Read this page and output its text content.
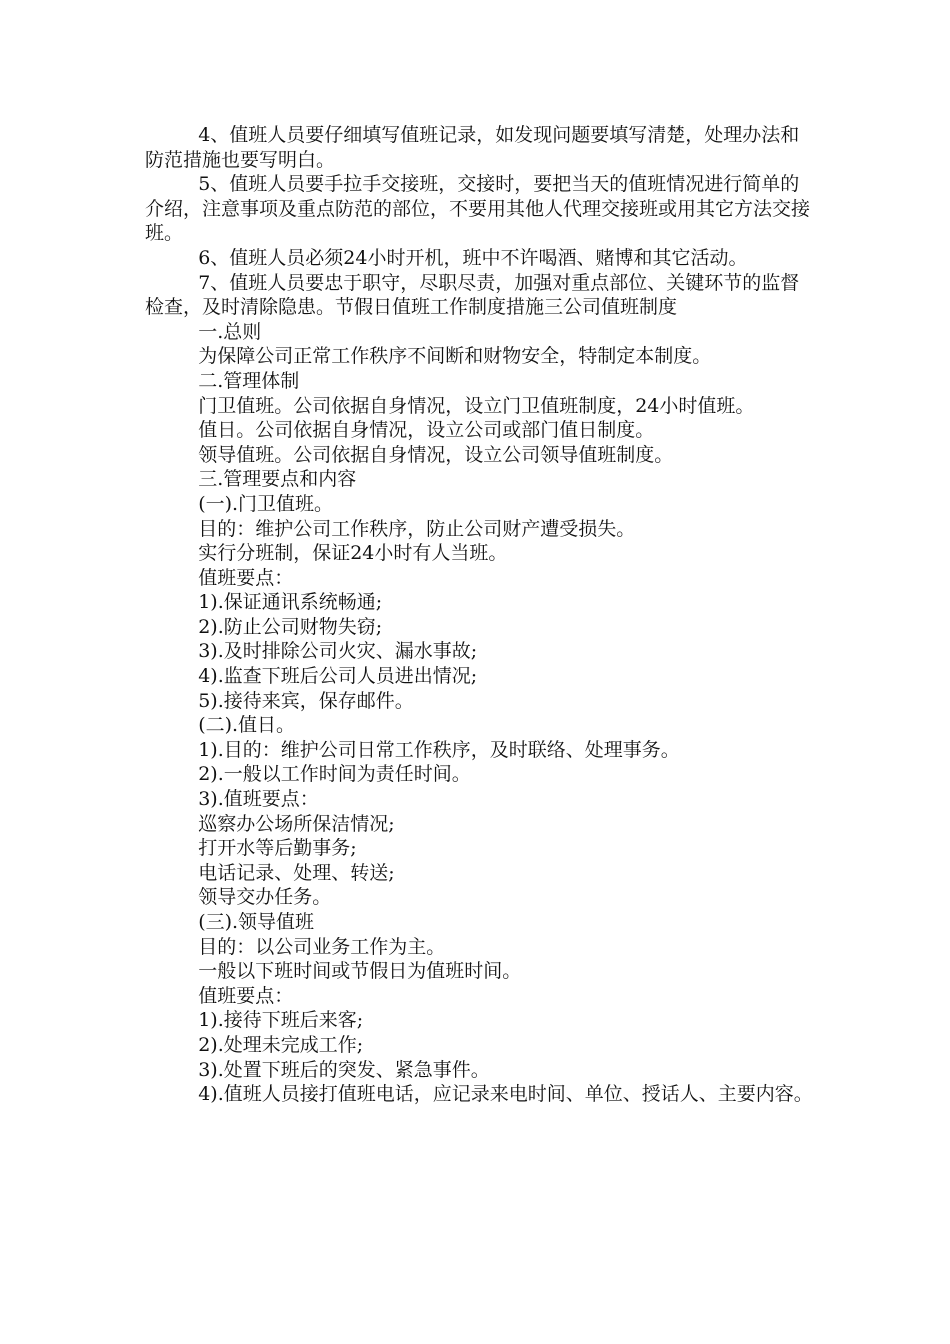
4、值班人员要仔细填写值班记录，如发现问题要填写清楚，处理办法和防范措施也要写明白。

5、值班人员要手拉手交接班，交接时，要把当天的值班情况进行简单的介绍，注意事项及重点防范的部位，不要用其他人代理交接班或用其它方法交接班。

6、值班人员必须24小时开机，班中不许喝酒、赌博和其它活动。

7、值班人员要忠于职守，尽职尽责，加强对重点部位、关键环节的监督检查，及时清除隐患。节假日值班工作制度措施三公司值班制度

一.总则

为保障公司正常工作秩序不间断和财物安全，特制定本制度。

二.管理体制

门卫值班。公司依据自身情况，设立门卫值班制度，24小时值班。

值日。公司依据自身情况，设立公司或部门值日制度。

领导值班。公司依据自身情况，设立公司领导值班制度。

三.管理要点和内容

(一).门卫值班。

目的：维护公司工作秩序，防止公司财产遭受损失。

实行分班制，保证24小时有人当班。

值班要点：

1).保证通讯系统畅通;

2).防止公司财物失窃;

3).及时排除公司火灾、漏水事故;

4).监查下班后公司人员进出情况;

5).接待来宾，保存邮件。

(二).值日。

1).目的：维护公司日常工作秩序，及时联络、处理事务。

2).一般以工作时间为责任时间。

3).值班要点：

巡察办公场所保洁情况;

打开水等后勤事务;

电话记录、处理、转送;

领导交办任务。

(三).领导值班

目的：以公司业务工作为主。

一般以下班时间或节假日为值班时间。

值班要点：

1).接待下班后来客;

2).处理未完成工作;

3).处置下班后的突发、紧急事件。

4).值班人员接打值班电话，应记录来电时间、单位、授话人、主要内容。
